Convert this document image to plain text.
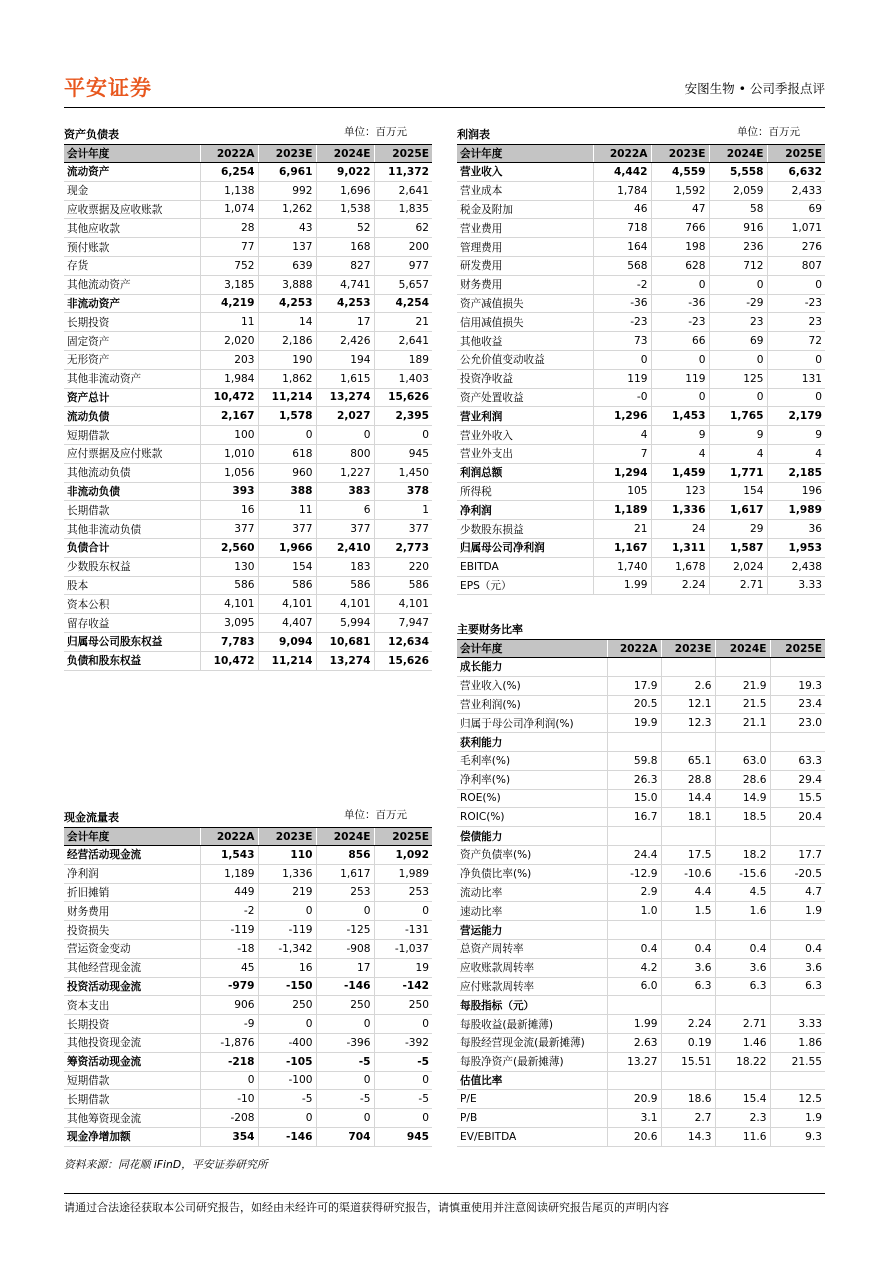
平安证券	安图生物 • 公司季报点评
资产负债表	单位：百万元
会计年度	2022A	2023E	2024E	2025E
流动资产	6,254	6,961	9,022	11,372
现金	1,138	992	1,696	2,641
应收票据及应收账款	1,074	1,262	1,538	1,835
其他应收款	28	43	52	62
预付账款	77	137	168	200
存货	752	639	827	977
其他流动资产	3,185	3,888	4,741	5,657
非流动资产	4,219	4,253	4,253	4,254
长期投资	11	14	17	21
固定资产	2,020	2,186	2,426	2,641
无形资产	203	190	194	189
其他非流动资产	1,984	1,862	1,615	1,403
资产总计	10,472	11,214	13,274	15,626
流动负债	2,167	1,578	2,027	2,395
短期借款	100	0	0	0
应付票据及应付账款	1,010	618	800	945
其他流动负债	1,056	960	1,227	1,450
非流动负债	393	388	383	378
长期借款	16	11	6	1
其他非流动负债	377	377	377	377
负债合计	2,560	1,966	2,410	2,773
少数股东权益	130	154	183	220
股本	586	586	586	586
资本公积	4,101	4,101	4,101	4,101
留存收益	3,095	4,407	5,994	7,947
归属母公司股东权益	7,783	9,094	10,681	12,634
负债和股东权益	10,472	11,214	13,274	15,626
利润表	单位：百万元
会计年度	2022A	2023E	2024E	2025E
营业收入	4,442	4,559	5,558	6,632
营业成本	1,784	1,592	2,059	2,433
税金及附加	46	47	58	69
营业费用	718	766	916	1,071
管理费用	164	198	236	276
研发费用	568	628	712	807
财务费用	-2	0	0	0
资产减值损失	-36	-36	-29	-23
信用减值损失	-23	-23	23	23
其他收益	73	66	69	72
公允价值变动收益	0	0	0	0
投资净收益	119	119	125	131
资产处置收益	-0	0	0	0
营业利润	1,296	1,453	1,765	2,179
营业外收入	4	9	9	9
营业外支出	7	4	4	4
利润总额	1,294	1,459	1,771	2,185
所得税	105	123	154	196
净利润	1,189	1,336	1,617	1,989
少数股东损益	21	24	29	36
归属母公司净利润	1,167	1,311	1,587	1,953
EBITDA	1,740	1,678	2,024	2,438
EPS（元）	1.99	2.24	2.71	3.33
主要财务比率
会计年度	2022A	2023E	2024E	2025E
成长能力				
营业收入(%)	17.9	2.6	21.9	19.3
营业利润(%)	20.5	12.1	21.5	23.4
归属于母公司净利润(%)	19.9	12.3	21.1	23.0
获利能力				
毛利率(%)	59.8	65.1	63.0	63.3
净利率(%)	26.3	28.8	28.6	29.4
ROE(%)	15.0	14.4	14.9	15.5
ROIC(%)	16.7	18.1	18.5	20.4
偿债能力				
资产负债率(%)	24.4	17.5	18.2	17.7
净负债比率(%)	-12.9	-10.6	-15.6	-20.5
流动比率	2.9	4.4	4.5	4.7
速动比率	1.0	1.5	1.6	1.9
营运能力				
总资产周转率	0.4	0.4	0.4	0.4
应收账款周转率	4.2	3.6	3.6	3.6
应付账款周转率	6.0	6.3	6.3	6.3
每股指标（元）				
每股收益(最新摊薄)	1.99	2.24	2.71	3.33
每股经营现金流(最新摊薄)	2.63	0.19	1.46	1.86
每股净资产(最新摊薄)	13.27	15.51	18.22	21.55
估值比率				
P/E	20.9	18.6	15.4	12.5
P/B	3.1	2.7	2.3	1.9
EV/EBITDA	20.6	14.3	11.6	9.3
现金流量表	单位：百万元
会计年度	2022A	2023E	2024E	2025E
经营活动现金流	1,543	110	856	1,092
净利润	1,189	1,336	1,617	1,989
折旧摊销	449	219	253	253
财务费用	-2	0	0	0
投资损失	-119	-119	-125	-131
营运资金变动	-18	-1,342	-908	-1,037
其他经营现金流	45	16	17	19
投资活动现金流	-979	-150	-146	-142
资本支出	906	250	250	250
长期投资	-9	0	0	0
其他投资现金流	-1,876	-400	-396	-392
筹资活动现金流	-218	-105	-5	-5
短期借款	0	-100	0	0
长期借款	-10	-5	-5	-5
其他筹资现金流	-208	0	0	0
现金净增加额	354	-146	704	945
资料来源：同花顺 iFinD，平安证券研究所
请通过合法途径获取本公司研究报告，如经由未经许可的渠道获得研究报告，请慎重使用并注意阅读研究报告尾页的声明内容
